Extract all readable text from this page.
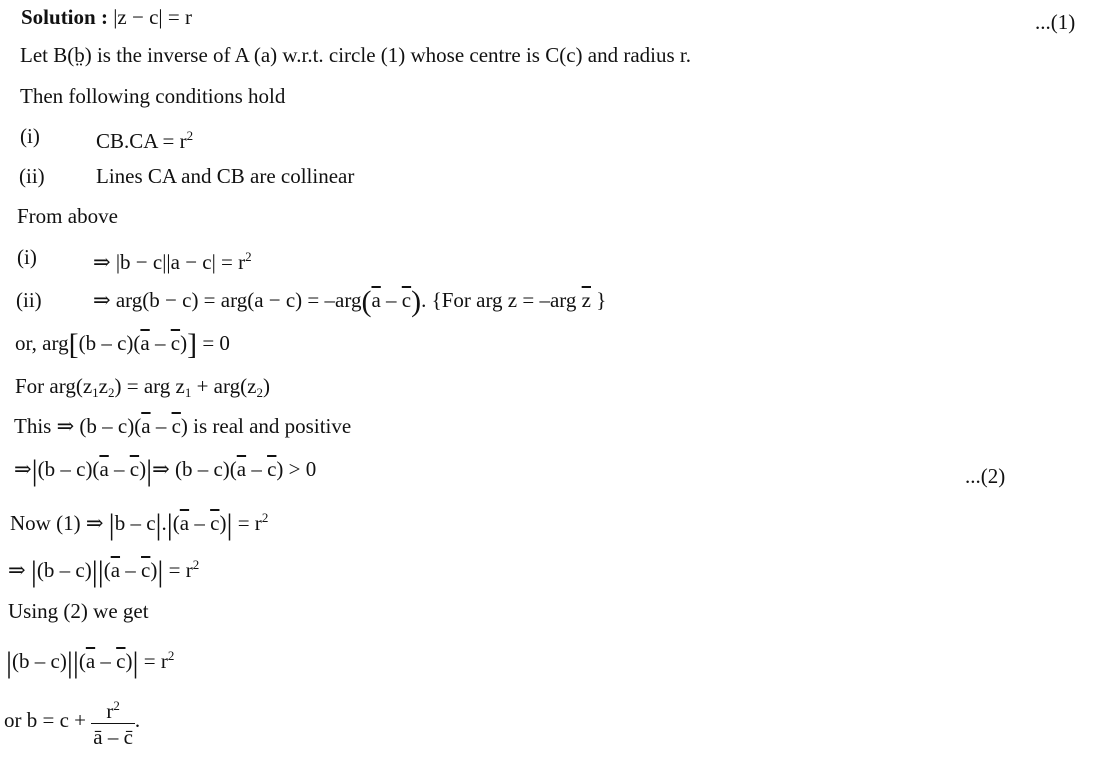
Solution : |z − c| = r	...(1)
Let B(b̤) is the inverse of A (a) w.r.t. circle (1) whose centre is C(c) and radius r.
Then following conditions hold
(i)	$CB.CA = r^2$
(ii) Lines CA and CB are collinear
From above
(i)	⇒ $|b - c||a - c| = r^2$
(ii) ⇒ $arg(b - c) = arg(a - c) = -arg(\overline{a} - \overline{c})$. {For arg z = –arg $\overline{z}$ }
or, $arg[(b - c)(\overline{a} - \overline{c})] = 0$
For $arg(z_1z_2)$ = arg $z_1 + arg(z_2)$
This ⇒ $(b - c)(\overline{a} - \overline{c})$ is real and positive
⇒|(b – $c)(\overline{a}$ – $\overline{c})|\Rightarrow$ $(b - c)(\overline{a} - \overline{c}) > 0$	...(2)
Now (1) ⇒ $|b - c|.|(\overline{a} - \overline{c})| = r^2$
⇒ $|(b - c)||(\overline{a} - \overline{c})| = r^2$
Using (2) we get
$|(b - c)||(\overline{a} - \overline{c})| = r^2$
or $b = c + \frac{r^2}{ā - c̄}$ .
